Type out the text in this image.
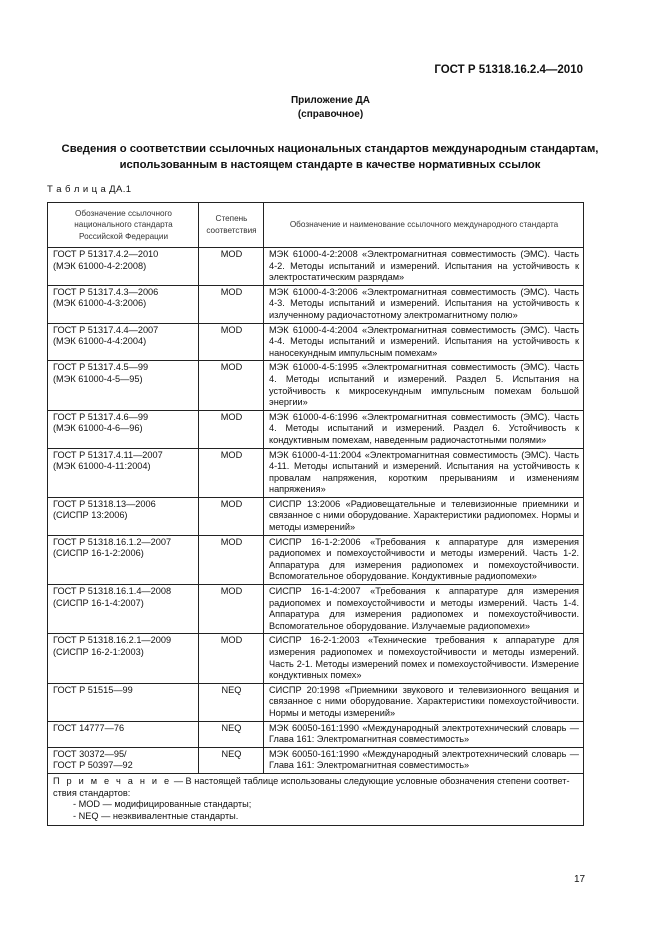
ГОСТ Р 51318.16.2.4—2010
Приложение ДА
(справочное)
Сведения о соответствии ссылочных национальных стандартов международным стандартам,
использованным в настоящем стандарте в качестве нормативных ссылок
Т а б л и ц а ДА.1
Обозначение ссылочного национального стандарта Российской Федерации	Степень соответствия	Обозначение и наименование ссылочного международного стандарта

ГОСТ Р 51317.4.2—2010
(МЭК 61000-4-2:2008)	MOD	МЭК 61000-4-2:2008 «Электромагнитная совместимость (ЭМС). Часть 4-2. Методы испытаний и измерений. Испытания на устойчивость к электростатическим разрядам»

ГОСТ Р 51317.4.3—2006
(МЭК 61000-4-3:2006)	MOD	МЭК 61000-4-3:2006 «Электромагнитная совместимость (ЭМС). Часть 4-3. Методы испытаний и измерений. Испытания на устойчивость к излученному радиочастотному электромагнитному полю»

ГОСТ Р 51317.4.4—2007
(МЭК 61000-4-4:2004)	MOD	МЭК 61000-4-4:2004 «Электромагнитная совместимость (ЭМС). Часть 4-4. Методы испытаний и измерений. Испытания на устойчивость к наносекундным импульсным помехам»

ГОСТ Р 51317.4.5—99
(МЭК 61000-4-5—95)	MOD	МЭК 61000-4-5:1995 «Электромагнитная совместимость (ЭМС). Часть 4. Методы испытаний и измерений. Раздел 5. Испытания на устойчивость к микросекундным импульсным помехам большой энергии»

ГОСТ Р 51317.4.6—99
(МЭК 61000-4-6—96)	MOD	МЭК 61000-4-6:1996 «Электромагнитная совместимость (ЭМС). Часть 4. Методы испытаний и измерений. Раздел 6. Устойчивость к кондуктивным помехам, наведенным радиочастотными полями»

ГОСТ Р 51317.4.11—2007
(МЭК 61000-4-11:2004)	MOD	МЭК 61000-4-11:2004 «Электромагнитная совместимость (ЭМС). Часть 4-11. Методы испытаний и измерений. Испытания на устойчивость к провалам напряжения, коротким прерываниям и изменениям напряжения»

ГОСТ Р 51318.13—2006
(СИСПР 13:2006)	MOD	СИСПР 13:2006 «Радиовещательные и телевизионные приемники и связанное с ними оборудование. Характеристики радиопомех. Нормы и методы измерений»

ГОСТ Р 51318.16.1.2—2007
(СИСПР 16-1-2:2006)	MOD	СИСПР 16-1-2:2006 «Требования к аппаратуре для измерения радиопомех и помехоустойчивости и методы измерений. Часть 1-2. Аппаратура для измерения радиопомех и помехоустойчивости. Вспомогательное оборудование. Кондуктивные радиопомехи»

ГОСТ Р 51318.16.1.4—2008
(СИСПР 16-1-4:2007)	MOD	СИСПР 16-1-4:2007 «Требования к аппаратуре для измерения радиопомех и помехоустойчивости и методы измерений. Часть 1-4. Аппаратура для измерения радиопомех и помехоустойчивости. Вспомогательное оборудование. Излучаемые радиопомехи»

ГОСТ Р 51318.16.2.1—2009
(СИСПР 16-2-1:2003)	MOD	СИСПР 16-2-1:2003 «Технические требования к аппаратуре для измерения радиопомех и помехоустойчивости и методы измерений. Часть 2-1. Методы измерений помех и помехоустойчивости. Измерение кондуктивных помех»

ГОСТ Р 51515—99	NEQ	СИСПР 20:1998 «Приемники звукового и телевизионного вещания и связанное с ними оборудование. Характеристики помехоустойчивости. Нормы и методы измерений»

ГОСТ 14777—76	NEQ	МЭК 60050-161:1990 «Международный электротехнический словарь — Глава 161: Электромагнитная совместимость»

ГОСТ 30372—95/
ГОСТ Р 50397—92	NEQ	МЭК 60050-161:1990 «Международный электротехнический словарь — Глава 161: Электромагнитная совместимость»

П р и м е ч а н и е — В настоящей таблице использованы следующие условные обозначения степени соответствия стандартов:
- MOD — модифицированные стандарты;
- NEQ — неэквивалентные стандарты.		
17
